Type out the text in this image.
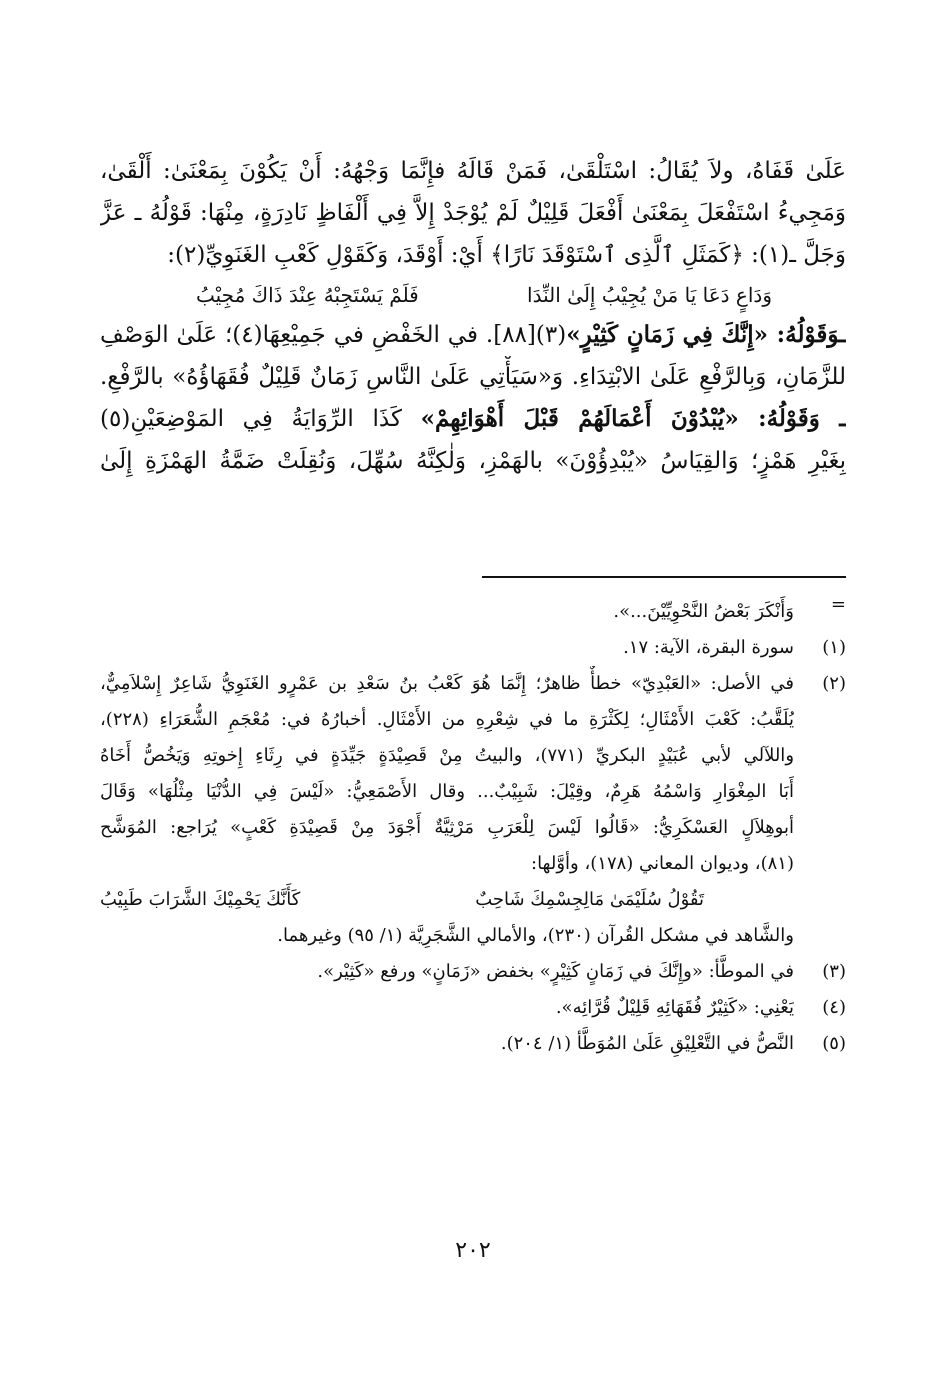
عَلَىٰ قَفَاهُ، ولاَ يُقَالُ: اسْتَلْقَىٰ، فَمَنْ قَالَهُ فإِنَّمَا وَجْهُهُ: أَنْ يَكُوْنَ بِمَعْنَىٰ: أَلْقَىٰ،
وَمَجِيءُ اسْتَفْعَلَ بِمَعْنَىٰ أَفْعَلَ قَلِيْلٌ لَمْ يُوْجَدْ إِلاَّ فِي أَلْفَاظٍ نَادِرَةٍ، مِنْهَا: قَوْلُهُ ـ عَزَّ
وَجَلَّ ـ(١): ﴿كَمَثَلِ ٱلَّذِى ٱسْتَوْقَدَ نَارًا﴾ أَيْ: أَوْقَدَ، وَكَقَوْلِ كَعْبِ الغَنَوِيِّ(٢):
وَدَاعٍ دَعَا يَا مَنْ يُجِيْبُ إِلَىٰ النِّدَا
فَلَمْ يَسْتَجِبْهُ عِنْدَ ذَاكَ مُجِيْبُ
ـوَقَوْلُهُ: «إِنَّكَ فِي زَمَانٍ كَثِيْرٍ»(٣)[٨٨]. في الخَفْضِ في جَمِيْعِهَا(٤)؛ عَلَىٰ الوَصْفِ
للزَّمَانِ، وَبِالرَّفْعِ عَلَىٰ الابْتِدَاءِ. وَ«سَيَأْتِي عَلَىٰ النَّاسِ زَمَانٌ قَلِيْلٌ فُقَهَاؤُهُ» بالرَّفْعِ.
ـ وَقَوْلُهُ: «يُبْدُوْنَ أَعْمَالَهُمْ قَبْلَ أَهْوَائِهِمْ» كَذَا الرِّوَايَةُ فِي المَوْضِعَيْنِ(٥)
بِغَيْرِ هَمْزٍ؛ وَالقِيَاسُ «يُبْدِؤُوْنَ» بالهَمْزِ، وَلٰكِنَّهُ سُهِّلَ، وَنُقِلَتْ ضَمَّةُ الهَمْزَةِ إِلَىٰ
=
وَأَنْكَرَ بَعْضُ النَّحْوِيِّيْنَ...».
(١)
سورة البقرة، الآية: ١٧.
(٢)
في الأصل: «العَبْدِيّ» خطأٌ ظاهرٌ؛ إِنَّمَا هُوَ كَعْبُ بنُ سَعْدِ بن عَمْرٍو الغَنَوِيُّ شَاعِرٌ إِسْلاَمِيٌّ،
يُلَقَّبُ: كَعْبَ الأَمْثَالِ؛ لِكَثْرَةِ ما في شِعْرِهِ من الأَمْثَالِ. أخبارُهُ في: مُعْجَمِ الشُّعَرَاءِ (٢٢٨)،
واللآلي لأبي عُبَيْدٍ البكريِّ (٧٧١)، والبيتُ مِنْ قَصِيْدَةٍ جَيِّدَةٍ في رِثَاءِ إِخوتِهِ وَيَخُصُّ أَخَاهُ
أَبَا المِغْوَارِ وَاسْمُهُ هَرِمٌ، وقِيْلَ: شَبِيْبٌ... وقال الأَصْمَعِيُّ: «لَيْسَ فِي الدُّنْيَا مِثْلُهَا» وَقَالَ
أبوهِلاَلٍ العَسْكَرِيُّ: «قَالُوا لَيْسَ لِلْعَرَبِ مَرْثِيَّةٌ أَجْوَدَ مِنْ قَصِيْدَةِ كَعْبٍ» يُرَاجع: المُوَشَّح
(٨١)، وديوان المعاني (١٧٨)، وأوَّلها:
تَقُوْلُ سُلَيْمَىٰ مَالِجِسْمِكَ شَاحِبٌ
كَأَنَّكَ يَحْمِيْكَ الشَّرَابَ طَبِيْبُ
والشَّاهد في مشكل القُرآن (٢٣٠)، والأمالي الشَّجَرِيَّة (١/ ٩٥) وغيرهما.
(٣)
في الموطَّأ: «وإِنَّكَ في زَمَانٍ كَثِيْرٍ» بخفض «زَمَانٍ» ورفع «كَثِيْر».
(٤)
يَعْنِي: «كَثِيْرٌ فُقَهَائِهِ قَلِيْلٌ قُرَّائِه».
(٥)
النَّصُّ في التَّعْلِيْقِ عَلَىٰ المُوَطَّأ (١/ ٢٠٤).
٢٠٢
